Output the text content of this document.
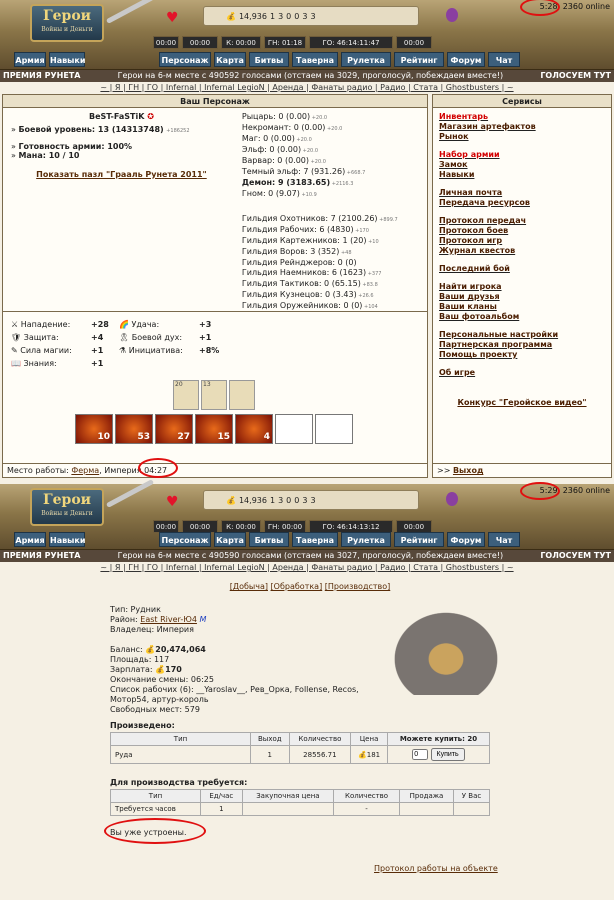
Герои
Войны и Деньги
♥	💰 14,936 1 3 0 0 3 3
5:28, 2360 online
00:00	00:00	К: 00:00	ГН: 01:18	ГО: 46:14:11:47	00:00
Армия Навыки	Персонаж Карта	Битвы	Таверна	Рулетка	Рейтинг	Форум	Чат
ПРЕМИЯ РУНЕТА	Герои на 6-м месте с 490592 голосами (отстаем на 3029, проголосуй, побеждаем вместе!)	ГОЛОСУЕМ ТУТ
~ | Я | ГН | ГО | Infernal | Infernal LegioN | Аренда | Фанаты радио | Радио | Стата | Ghostbusters | ~
Ваш Персонаж
BeST-FaSTiK ✪
» Боевой уровень: 13 (14313748) +186252
» Готовность армии: 100%
» Мана: 10 / 10
Показать пазл "Грааль Рунета 2011"
Рыцарь: 0 (0.00) +20.0
Некромант: 0 (0.00) +20.0
Маг: 0 (0.00) +20.0
Эльф: 0 (0.00) +20.0
Варвар: 0 (0.00) +20.0
Темный эльф: 7 (931.26) +668.7
Демон: 9 (3183.65) +2116.3
Гном: 0 (9.07) +10.9
Гильдия Охотников: 7 (2100.26) +899.7
Гильдия Рабочих: 6 (4830) +170
Гильдия Картежников: 1 (20) +10
Гильдия Воров: 3 (352) +48
Гильдия Рейнджеров: 0 (0)
Гильдия Наемников: 6 (1623) +377
Гильдия Тактиков: 0 (65.15) +83.8
Гильдия Кузнецов: 0 (3.43) +26.6
Гильдия Оружейников: 0 (0) +104
⚔ Нападение:	+28	🌈 Удача:	+3
🛡 Защита:	+4	🎗 Боевой дух:	+1
✎ Сила магии:	+1	⚗ Инициатива:	+8%
📖 Знания:	+1		
20	13
10	53	27	15	4
Место работы: Ферма, Империя 04:27
Сервисы
Инвентарь
Магазин артефактов
Рынок
Набор армии
Замок
Навыки
Личная почта
Передача ресурсов
Протокол передач
Протокол боев
Протокол игр
Журнал квестов
Последний бой
Найти игрока
Ваши друзья
Ваши кланы
Ваш фотоальбом
Персональные настройки
Партнерская программа
Помощь проекту
Об игре
Конкурс "Геройское видео"
>> Выход
Герои
Войны и Деньги
♥	💰 14,936 1 3 0 0 3 3
5:29, 2360 online
00:00	00:00	К: 00:00	ГН: 00:00	ГО: 46:14:13:12	00:00
Армия Навыки	Персонаж Карта	Битвы	Таверна	Рулетка	Рейтинг	Форум	Чат
ПРЕМИЯ РУНЕТА	Герои на 6-м месте с 490590 голосами (отстаем на 3027, проголосуй, побеждаем вместе!)	ГОЛОСУЕМ ТУТ
~ | Я | ГН | ГО | Infernal | Infernal LegioN | Аренда | Фанаты радио | Радио | Стата | Ghostbusters | ~
[Добыча] [Обработка] [Производство]
Тип: Рудник
Район: East River-Ю4 M
Владелец: Империя
Баланс: 💰20,474,064
Площадь: 117
Зарплата: 💰170
Окончание смены: 06:25
Список рабочих (6): __Yaroslav__, Рев_Орка, Follense, Recos, Мотор54, артур-король
Свободных мест: 579
Произведено:
Тип	Выход	Количество	Цена	Можете купить: 20
Руда	1	28556.71	💰181	0Купить
Для производства требуется:
Тип	Ед/час	Закупочная цена	Количество	Продажа	У Вас
Требуется часов	1		-		
Вы уже устроены.
Протокол работы на объекте
